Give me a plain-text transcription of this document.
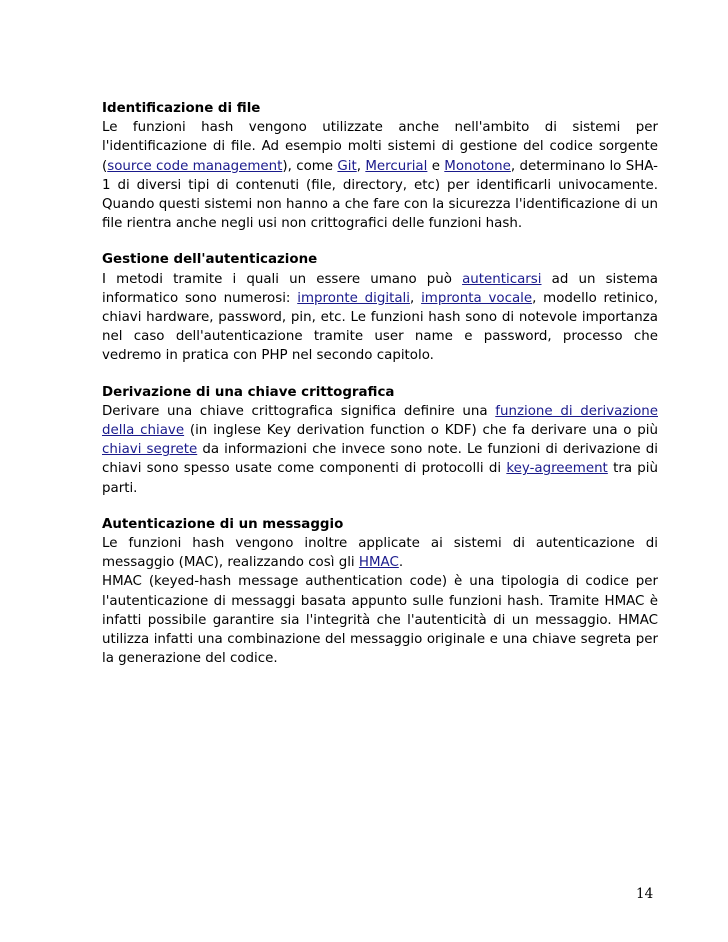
Identificazione di file

Le funzioni hash vengono utilizzate anche nell'ambito di sistemi per l'identificazione di file. Ad esempio molti sistemi di gestione del codice sorgente (source code management), come Git, Mercurial e Monotone, determinano lo SHA-1 di diversi tipi di contenuti (file, directory, etc) per identificarli univocamente. Quando questi sistemi non hanno a che fare con la sicurezza l'identificazione di un file rientra anche negli usi non crittografici delle funzioni hash.

Gestione dell'autenticazione

I metodi tramite i quali un essere umano può autenticarsi ad un sistema informatico sono numerosi: impronte digitali, impronta vocale, modello retinico, chiavi hardware, password, pin, etc. Le funzioni hash sono di notevole importanza nel caso dell'autenticazione tramite user name e password, processo che vedremo in pratica con PHP nel secondo capitolo.

Derivazione di una chiave crittografica

Derivare una chiave crittografica significa definire una funzione di derivazione della chiave (in inglese Key derivation function o KDF) che fa derivare una o più chiavi segrete da informazioni che invece sono note. Le funzioni di derivazione di chiavi sono spesso usate come componenti di protocolli di key-agreement tra più parti.

Autenticazione di un messaggio

Le funzioni hash vengono inoltre applicate ai sistemi di autenticazione di messaggio (MAC), realizzando così gli HMAC.

HMAC (keyed-hash message authentication code) è una tipologia di codice per l'autenticazione di messaggi basata appunto sulle funzioni hash. Tramite HMAC è infatti possibile garantire sia l'integrità che l'autenticità di un messaggio. HMAC utilizza infatti una combinazione del messaggio originale e una chiave segreta per la generazione del codice.

14
